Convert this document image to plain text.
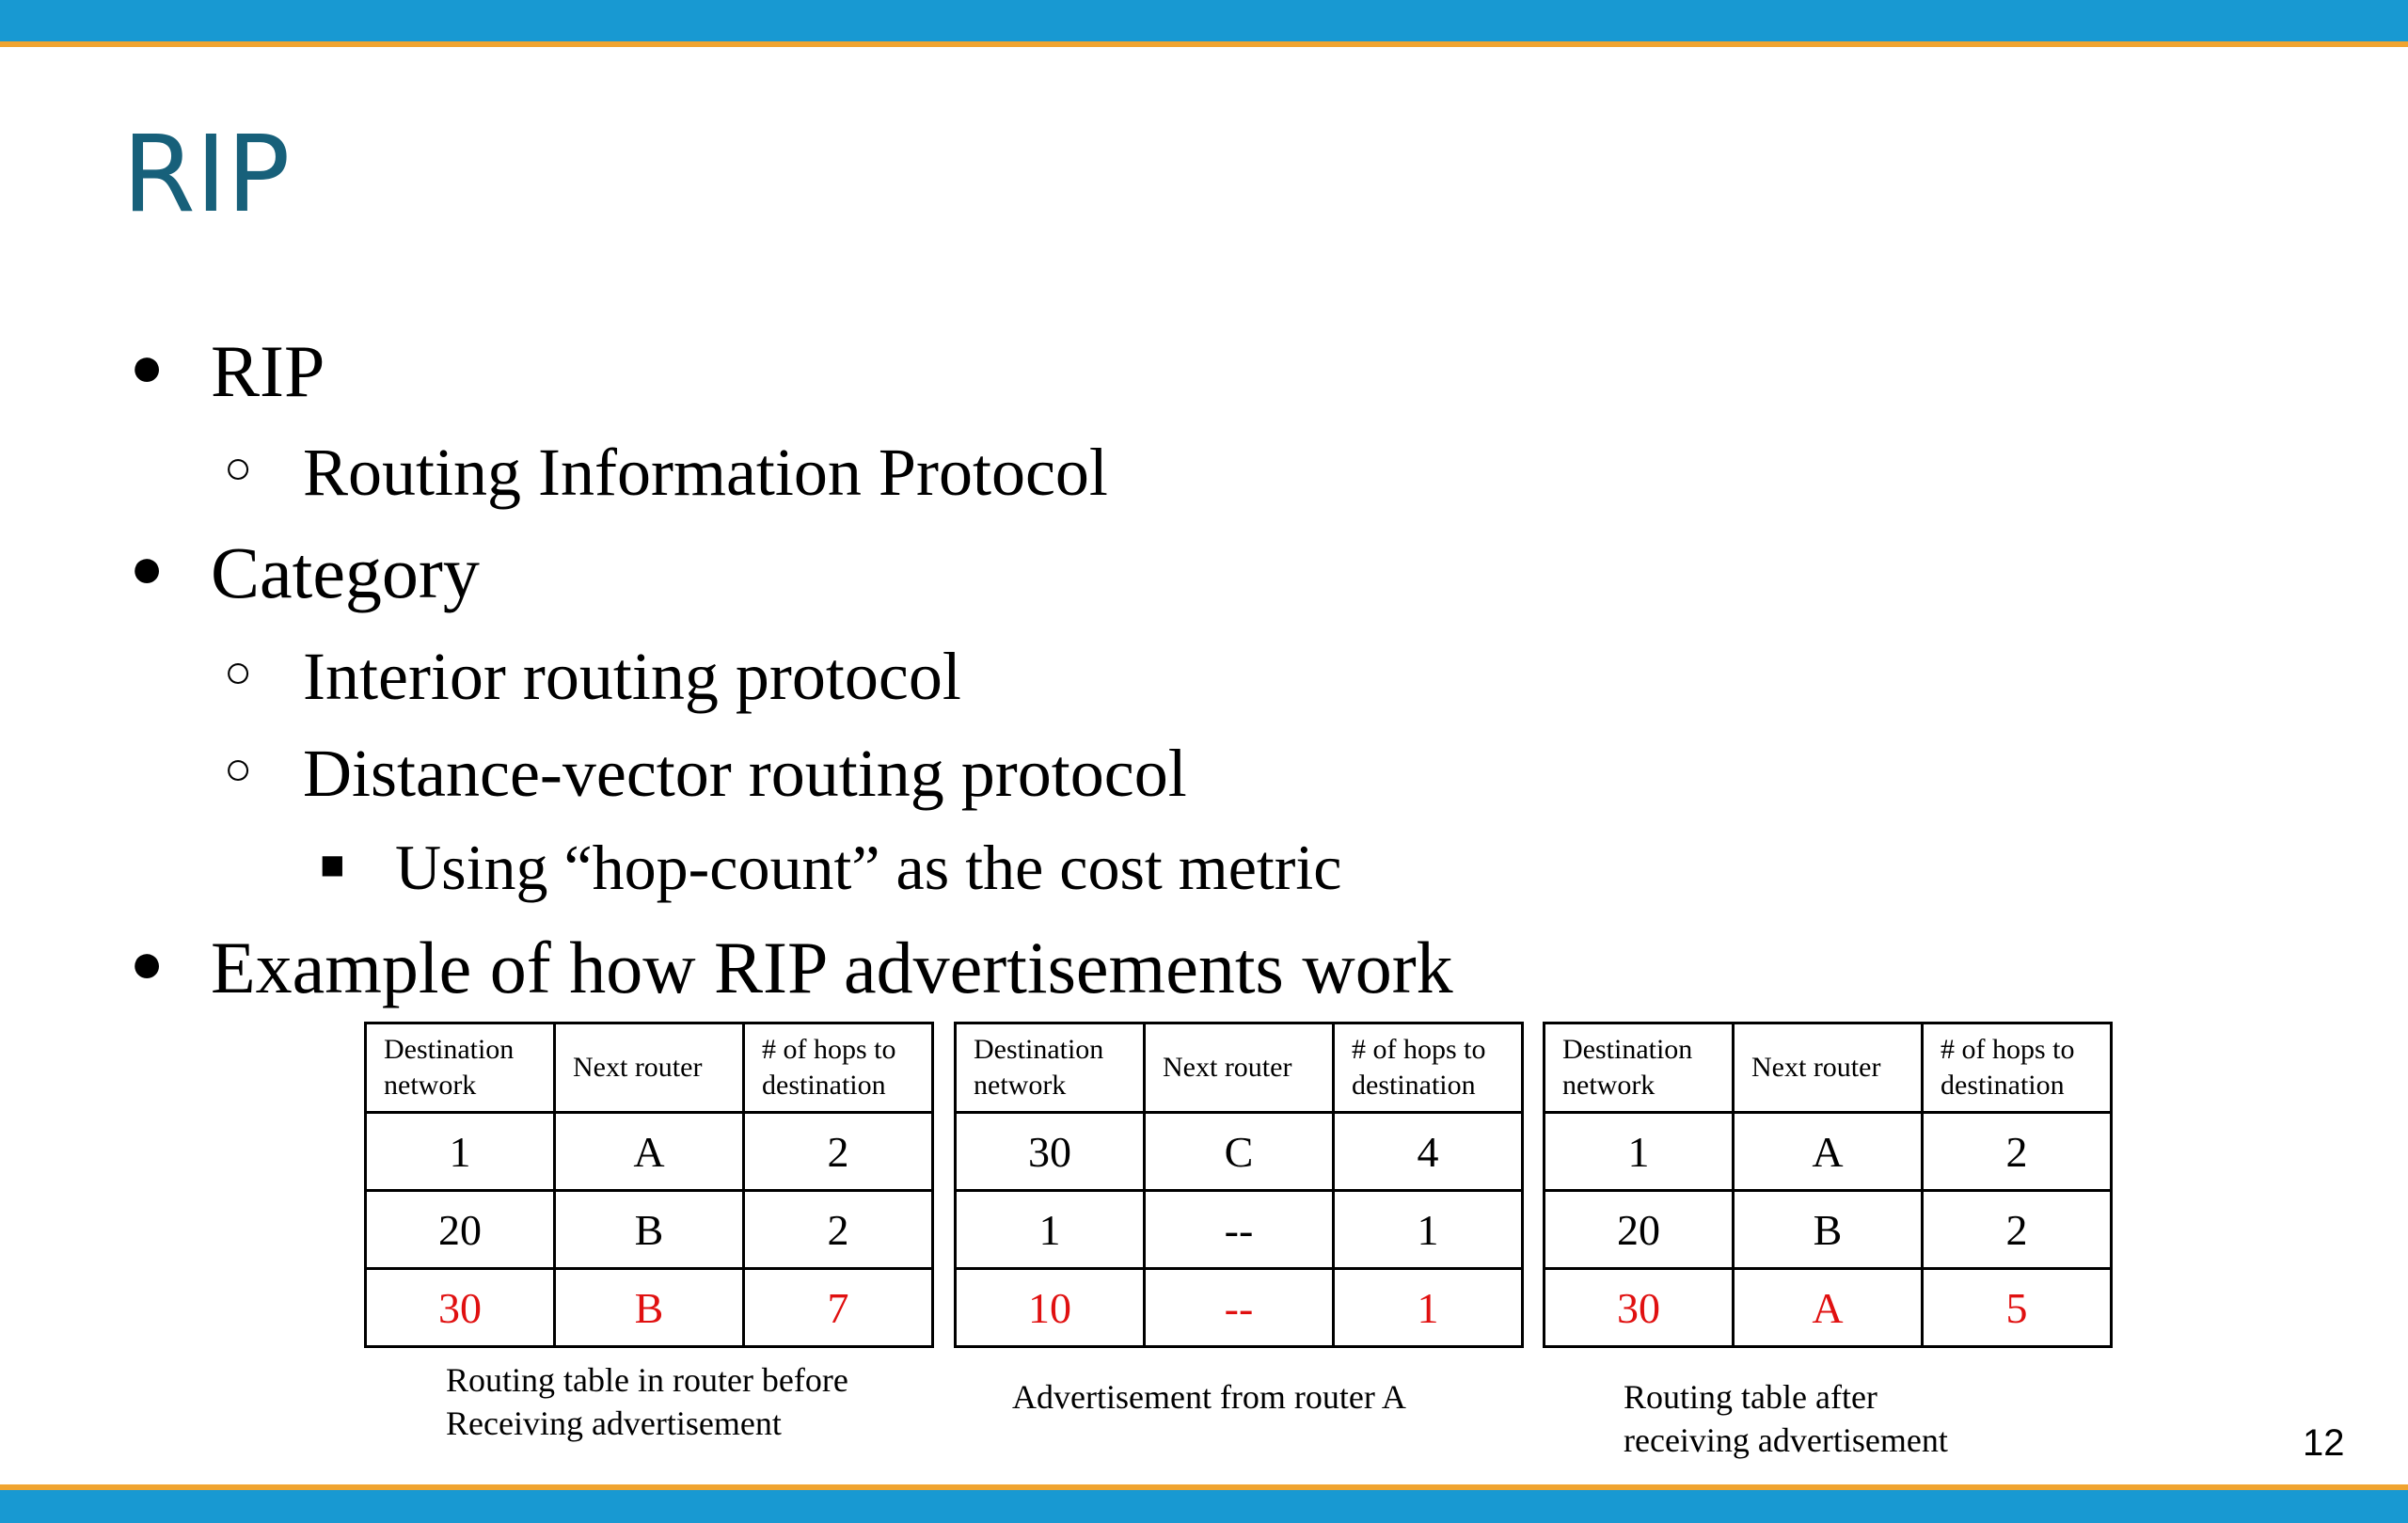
RIP
● RIP
○ Routing Information Protocol
● Category
○ Interior routing protocol
○ Distance-vector routing protocol
■ Using “hop-count” as the cost metric
● Example of how RIP advertisements work
Destination network	Next router	# of hops to destination
1	A	2
20	B	2
30	B	7
Destination network	Next router	# of hops to destination
30	C	4
1	--	1
10	--	1
Destination network	Next router	# of hops to destination
1	A	2
20	B	2
30	A	5
Routing table in router before
Receiving advertisement
Advertisement from router A	Routing table after
receiving advertisement	12
